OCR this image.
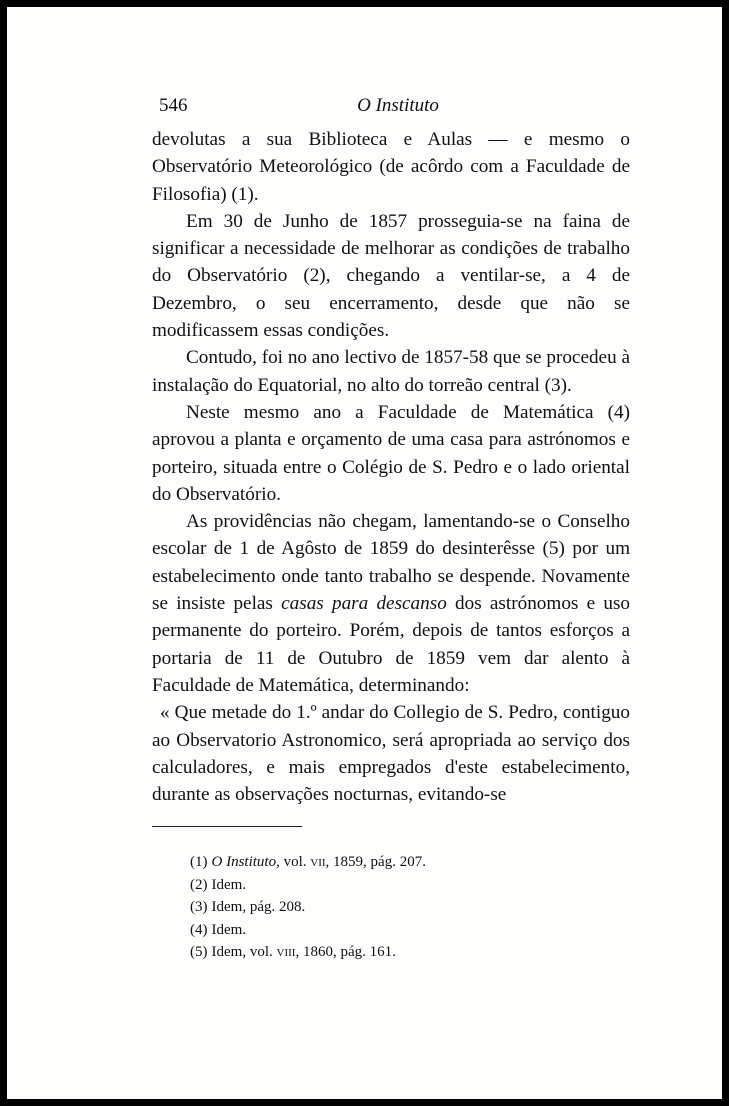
546	O Instituto

devolutas a sua Biblioteca e Aulas — e mesmo o Observatório Meteorológico (de acôrdo com a Faculdade de Filosofia) (1).

Em 30 de Junho de 1857 prosseguia-se na faina de significar a necessidade de melhorar as condições de trabalho do Observatório (2), chegando a ventilar-se, a 4 de Dezembro, o seu encerramento, desde que não se modificassem essas condições.

Contudo, foi no ano lectivo de 1857-58 que se procedeu à instalação do Equatorial, no alto do torreão central (3).

Neste mesmo ano a Faculdade de Matemática (4) aprovou a planta e orçamento de uma casa para astrónomos e porteiro, situada entre o Colégio de S. Pedro e o lado oriental do Observatório.

As providências não chegam, lamentando-se o Conselho escolar de 1 de Agôsto de 1859 do desinterêsse (5) por um estabelecimento onde tanto trabalho se despende. Novamente se insiste pelas casas para descanso dos astrónomos e uso permanente do porteiro. Porém, depois de tantos esforços a portaria de 11 de Outubro de 1859 vem dar alento à Faculdade de Matemática, determinando:

« Que metade do 1.º andar do Collegio de S. Pedro, contiguo ao Observatorio Astronomico, será apropriada ao serviço dos calculadores, e mais empregados d'este estabelecimento, durante as observações nocturnas, evitando-se

(1) O Instituto, vol. vii, 1859, pág. 207.
(2) Idem.
(3) Idem, pág. 208.
(4) Idem.
(5) Idem, vol. viii, 1860, pág. 161.
